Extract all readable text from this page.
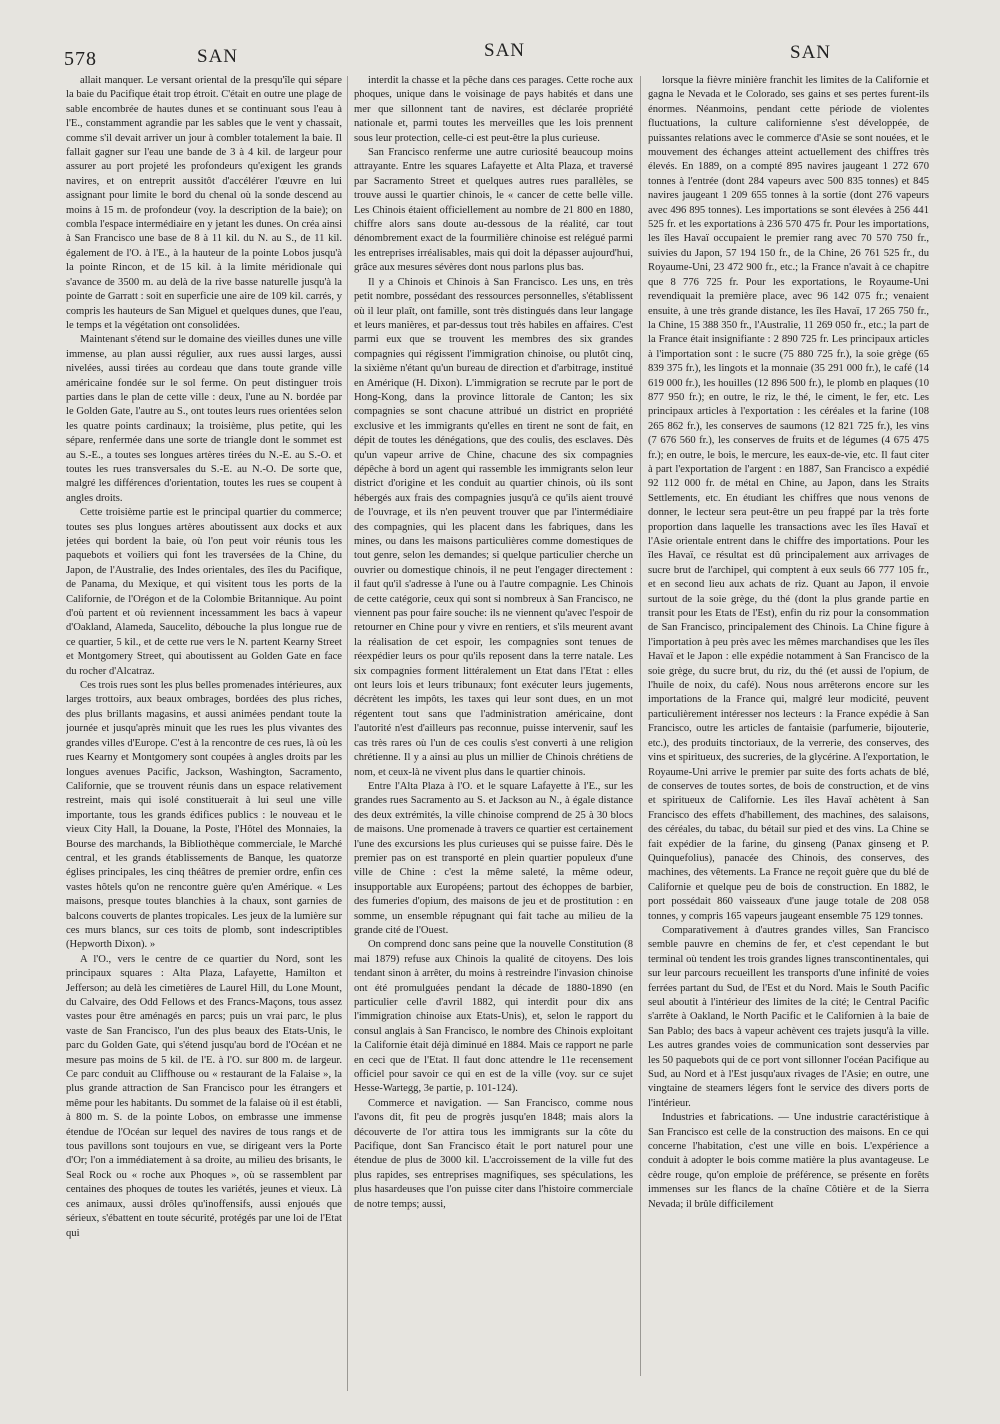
578	SAN	SAN	SAN

allait manquer. Le versant oriental de la presqu'île qui sépare la baie du Pacifique était trop étroit. C'était en outre une plage de sable encombrée de hautes dunes et se continuant sous l'eau à l'E., constamment agrandie par les sables que le vent y chassait, comme s'il devait arriver un jour à combler totalement la baie. Il fallait gagner sur l'eau une bande de 3 à 4 kil. de largeur pour assurer au port projeté les profondeurs qu'exigent les grands navires, et on entreprit aussitôt d'accélérer l'œuvre en lui assignant pour limite le bord du chenal où la sonde descend au moins à 15 m. de profondeur (voy. la description de la baie); on combla l'espace intermédiaire en y jetant les dunes. On créa ainsi à San Francisco une base de 8 à 11 kil. du N. au S., de 11 kil. également de l'O. à l'E., à la hauteur de la pointe Lobos jusqu'à la pointe Rincon, et de 15 kil. à la limite méridionale qui s'avance de 3500 m. au delà de la rive basse naturelle jusqu'à la pointe de Garratt : soit en superficie une aire de 109 kil. carrés, y compris les hauteurs de San Miguel et quelques dunes, que l'eau, le temps et la végétation ont consolidées.

Maintenant s'étend sur le domaine des vieilles dunes une ville immense, au plan aussi régulier, aux rues aussi larges, aussi nivelées, aussi tirées au cordeau que dans toute grande ville américaine fondée sur le sol ferme. On peut distinguer trois parties dans le plan de cette ville : deux, l'une au N. bordée par le Golden Gate, l'autre au S., ont toutes leurs rues orientées selon les quatre points cardinaux; la troisième, plus petite, qui les sépare, renfermée dans une sorte de triangle dont le sommet est au S.-E., a toutes ses longues artères tirées du N.-E. au S.-O. et toutes les rues transversales du S.-E. au N.-O. De sorte que, malgré les différences d'orientation, toutes les rues se coupent à angles droits.

Cette troisième partie est le principal quartier du commerce; toutes ses plus longues artères aboutissent aux docks et aux jetées qui bordent la baie, où l'on peut voir réunis tous les paquebots et voiliers qui font les traversées de la Chine, du Japon, de l'Australie, des Indes orientales, des îles du Pacifique, de Panama, du Mexique, et qui visitent tous les ports de la Californie, de l'Orégon et de la Colombie Britannique. Au point d'où partent et où reviennent incessamment les bacs à vapeur d'Oakland, Alameda, Saucelito, débouche la plus longue rue de ce quartier, 5 kil., et de cette rue vers le N. partent Kearny Street et Montgomery Street, qui aboutissent au Golden Gate en face du rocher d'Alcatraz.

Ces trois rues sont les plus belles promenades intérieures, aux larges trottoirs, aux beaux ombrages, bordées des plus riches, des plus brillants magasins, et aussi animées pendant toute la journée et jusqu'après minuit que les rues les plus vivantes des grandes villes d'Europe. C'est à la rencontre de ces rues, là où les rues Kearny et Montgomery sont coupées à angles droits par les longues avenues Pacific, Jackson, Washington, Sacramento, Californie, que se trouvent réunis dans un espace relativement restreint, mais qui isolé constituerait à lui seul une ville importante, tous les grands édifices publics : le nouveau et le vieux City Hall, la Douane, la Poste, l'Hôtel des Monnaies, la Bourse des marchands, la Bibliothèque commerciale, le Marché central, et les grands établissements de Banque, les quatorze églises principales, les cinq théâtres de premier ordre, enfin ces vastes hôtels qu'on ne rencontre guère qu'en Amérique. « Les maisons, presque toutes blanchies à la chaux, sont garnies de balcons couverts de plantes tropicales. Les jeux de la lumière sur ces murs blancs, sur ces toits de plomb, sont indescriptibles (Hepworth Dixon). »

A l'O., vers le centre de ce quartier du Nord, sont les principaux squares : Alta Plaza, Lafayette, Hamilton et Jefferson; au delà les cimetières de Laurel Hill, du Lone Mount, du Calvaire, des Odd Fellows et des Francs-Maçons, tous assez vastes pour être aménagés en parcs; puis un vrai parc, le plus vaste de San Francisco, l'un des plus beaux des Etats-Unis, le parc du Golden Gate, qui s'étend jusqu'au bord de l'Océan et ne mesure pas moins de 5 kil. de l'E. à l'O. sur 800 m. de largeur. Ce parc conduit au Cliffhouse ou « restaurant de la Falaise », la plus grande attraction de San Francisco pour les étrangers et même pour les habitants. Du sommet de la falaise où il est établi, à 800 m. S. de la pointe Lobos, on embrasse une immense étendue de l'Océan sur lequel des navires de tous rangs et de tous pavillons sont toujours en vue, se dirigeant vers la Porte d'Or; l'on a immédiatement à sa droite, au milieu des brisants, le Seal Rock ou « roche aux Phoques », où se rassemblent par centaines des phoques de toutes les variétés, jeunes et vieux. Là ces animaux, aussi drôles qu'inoffensifs, aussi enjoués que sérieux, s'ébattent en toute sécurité, protégés par une loi de l'Etat qui

interdit la chasse et la pêche dans ces parages. Cette roche aux phoques, unique dans le voisinage de pays habités et dans une mer que sillonnent tant de navires, est déclarée propriété nationale et, parmi toutes les merveilles que les lois prennent sous leur protection, celle-ci est peut-être la plus curieuse.

San Francisco renferme une autre curiosité beaucoup moins attrayante. Entre les squares Lafayette et Alta Plaza, et traversé par Sacramento Street et quelques autres rues parallèles, se trouve aussi le quartier chinois, le « cancer de cette belle ville. Les Chinois étaient officiellement au nombre de 21 800 en 1880, chiffre alors sans doute au-dessous de la réalité, car tout dénombrement exact de la fourmilière chinoise est relégué parmi les entreprises irréalisables, mais qui doit la dépasser aujourd'hui, grâce aux mesures sévères dont nous parlons plus bas.

Il y a Chinois et Chinois à San Francisco. Les uns, en très petit nombre, possédant des ressources personnelles, s'établissent où il leur plaît, ont famille, sont très distingués dans leur langage et leurs manières, et par-dessus tout très habiles en affaires. C'est parmi eux que se trouvent les membres des six grandes compagnies qui régissent l'immigration chinoise, ou plutôt cinq, la sixième n'étant qu'un bureau de direction et d'arbitrage, institué en Amérique (H. Dixon). L'immigration se recrute par le port de Hong-Kong, dans la province littorale de Canton; les six compagnies se sont chacune attribué un district en propriété exclusive et les immigrants qu'elles en tirent ne sont de fait, en dépit de toutes les dénégations, que des coulis, des esclaves. Dès qu'un vapeur arrive de Chine, chacune des six compagnies dépêche à bord un agent qui rassemble les immigrants selon leur district d'origine et les conduit au quartier chinois, où ils sont hébergés aux frais des compagnies jusqu'à ce qu'ils aient trouvé de l'ouvrage, et ils n'en peuvent trouver que par l'intermédiaire des compagnies, qui les placent dans les fabriques, dans les mines, ou dans les maisons particulières comme domestiques de tout genre, selon les demandes; si quelque particulier cherche un ouvrier ou domestique chinois, il ne peut l'engager directement : il faut qu'il s'adresse à l'une ou à l'autre compagnie. Les Chinois de cette catégorie, ceux qui sont si nombreux à San Francisco, ne viennent pas pour faire souche: ils ne viennent qu'avec l'espoir de retourner en Chine pour y vivre en rentiers, et s'ils meurent avant la réalisation de cet espoir, les compagnies sont tenues de réexpédier leurs os pour qu'ils reposent dans la terre natale. Les six compagnies forment littéralement un Etat dans l'Etat : elles ont leurs lois et leurs tribunaux; font exécuter leurs jugements, décrètent les impôts, les taxes qui leur sont dues, en un mot régentent tout sans que l'administration américaine, dont l'autorité n'est d'ailleurs pas reconnue, puisse intervenir, sauf les cas très rares où l'un de ces coulis s'est converti à une religion chrétienne. Il y a ainsi au plus un millier de Chinois chrétiens de nom, et ceux-là ne vivent plus dans le quartier chinois.

Entre l'Alta Plaza à l'O. et le square Lafayette à l'E., sur les grandes rues Sacramento au S. et Jackson au N., à égale distance des deux extrémités, la ville chinoise comprend de 25 à 30 blocs de maisons. Une promenade à travers ce quartier est certainement l'une des excursions les plus curieuses qui se puisse faire. Dès le premier pas on est transporté en plein quartier populeux d'une ville de Chine : c'est la même saleté, la même odeur, insupportable aux Européens; partout des échoppes de barbier, des fumeries d'opium, des maisons de jeu et de prostitution : en somme, un ensemble répugnant qui fait tache au milieu de la grande cité de l'Ouest.

On comprend donc sans peine que la nouvelle Constitution (8 mai 1879) refuse aux Chinois la qualité de citoyens. Des lois tendant sinon à arrêter, du moins à restreindre l'invasion chinoise ont été promulguées pendant la décade de 1880-1890 (en particulier celle d'avril 1882, qui interdit pour dix ans l'immigration chinoise aux Etats-Unis), et, selon le rapport du consul anglais à San Francisco, le nombre des Chinois exploitant la Californie était déjà diminué en 1884. Mais ce rapport ne parle en ceci que de l'Etat. Il faut donc attendre le 11e recensement officiel pour savoir ce qui en est de la ville (voy. sur ce sujet Hesse-Wartegg, 3e partie, p. 101-124).

Commerce et navigation. — San Francisco, comme nous l'avons dit, fit peu de progrès jusqu'en 1848; mais alors la découverte de l'or attira tous les immigrants sur la côte du Pacifique, dont San Francisco était le port naturel pour une étendue de plus de 3000 kil. L'accroissement de la ville fut des plus rapides, ses entreprises magnifiques, ses spéculations, les plus hasardeuses que l'on puisse citer dans l'histoire commerciale de notre temps; aussi,

lorsque la fièvre minière franchit les limites de la Californie et gagna le Nevada et le Colorado, ses gains et ses pertes furent-ils énormes. Néanmoins, pendant cette période de violentes fluctuations, la culture californienne s'est développée, de puissantes relations avec le commerce d'Asie se sont nouées, et le mouvement des échanges atteint actuellement des chiffres très élevés. En 1889, on a compté 895 navires jaugeant 1 272 670 tonnes à l'entrée (dont 284 vapeurs avec 500 835 tonnes) et 845 navires jaugeant 1 209 655 tonnes à la sortie (dont 276 vapeurs avec 496 895 tonnes). Les importations se sont élevées à 256 441 525 fr. et les exportations à 236 570 475 fr. Pour les importations, les îles Havaï occupaient le premier rang avec 70 570 750 fr., suivies du Japon, 57 194 150 fr., de la Chine, 26 761 525 fr., du Royaume-Uni, 23 472 900 fr., etc.; la France n'avait à ce chapitre que 8 776 725 fr. Pour les exportations, le Royaume-Uni revendiquait la première place, avec 96 142 075 fr.; venaient ensuite, à une très grande distance, les îles Havaï, 17 265 750 fr., la Chine, 15 388 350 fr., l'Australie, 11 269 050 fr., etc.; la part de la France était insignifiante : 2 890 725 fr. Les principaux articles à l'importation sont : le sucre (75 880 725 fr.), la soie grège (65 839 375 fr.), les lingots et la monnaie (35 291 000 fr.), le café (14 619 000 fr.), les houilles (12 896 500 fr.), le plomb en plaques (10 877 950 fr.); en outre, le riz, le thé, le ciment, le fer, etc. Les principaux articles à l'exportation : les céréales et la farine (108 265 862 fr.), les conserves de saumons (12 821 725 fr.), les vins (7 676 560 fr.), les conserves de fruits et de légumes (4 675 475 fr.); en outre, le bois, le mercure, les eaux-de-vie, etc. Il faut citer à part l'exportation de l'argent : en 1887, San Francisco a expédié 92 112 000 fr. de métal en Chine, au Japon, dans les Straits Settlements, etc. En étudiant les chiffres que nous venons de donner, le lecteur sera peut-être un peu frappé par la très forte proportion dans laquelle les transactions avec les îles Havaï et l'Asie orientale entrent dans le chiffre des importations. Pour les îles Havaï, ce résultat est dû principalement aux arrivages de sucre brut de l'archipel, qui comptent à eux seuls 66 777 105 fr., et en second lieu aux achats de riz. Quant au Japon, il envoie surtout de la soie grège, du thé (dont la plus grande partie en transit pour les Etats de l'Est), enfin du riz pour la consommation de San Francisco, principalement des Chinois. La Chine figure à l'importation à peu près avec les mêmes marchandises que les îles Havaï et le Japon : elle expédie notamment à San Francisco de la soie grège, du sucre brut, du riz, du thé (et aussi de l'opium, de l'huile de noix, du café). Nous nous arrêterons encore sur les importations de la France qui, malgré leur modicité, peuvent particulièrement intéresser nos lecteurs : la France expédie à San Francisco, outre les articles de fantaisie (parfumerie, bijouterie, etc.), des produits tinctoriaux, de la verrerie, des conserves, des vins et spiritueux, des sucreries, de la glycérine. A l'exportation, le Royaume-Uni arrive le premier par suite des forts achats de blé, de conserves de toutes sortes, de bois de construction, et de vins et spiritueux de Californie. Les îles Havaï achètent à San Francisco des effets d'habillement, des machines, des salaisons, des céréales, du tabac, du bétail sur pied et des vins. La Chine se fait expédier de la farine, du ginseng (Panax ginseng et P. Quinquefolius), panacée des Chinois, des conserves, des machines, des vêtements. La France ne reçoit guère que du blé de Californie et quelque peu de bois de construction. En 1882, le port possédait 860 vaisseaux d'une jauge totale de 208 058 tonnes, y compris 165 vapeurs jaugeant ensemble 75 129 tonnes.

Comparativement à d'autres grandes villes, San Francisco semble pauvre en chemins de fer, et c'est cependant le but terminal où tendent les trois grandes lignes transcontinentales, qui sur leur parcours recueillent les transports d'une infinité de voies ferrées partant du Sud, de l'Est et du Nord. Mais le South Pacific seul aboutit à l'intérieur des limites de la cité; le Central Pacific s'arrête à Oakland, le North Pacific et le Californien à la baie de San Pablo; des bacs à vapeur achèvent ces trajets jusqu'à la ville. Les autres grandes voies de communication sont desservies par les 50 paquebots qui de ce port vont sillonner l'océan Pacifique au Sud, au Nord et à l'Est jusqu'aux rivages de l'Asie; en outre, une vingtaine de steamers légers font le service des divers ports de l'intérieur.

Industries et fabrications. — Une industrie caractéristique à San Francisco est celle de la construction des maisons. En ce qui concerne l'habitation, c'est une ville en bois. L'expérience a conduit à adopter le bois comme matière la plus avantageuse. Le cèdre rouge, qu'on emploie de préférence, se présente en forêts immenses sur les flancs de la chaîne Côtière et de la Sierra Nevada; il brûle difficilement
